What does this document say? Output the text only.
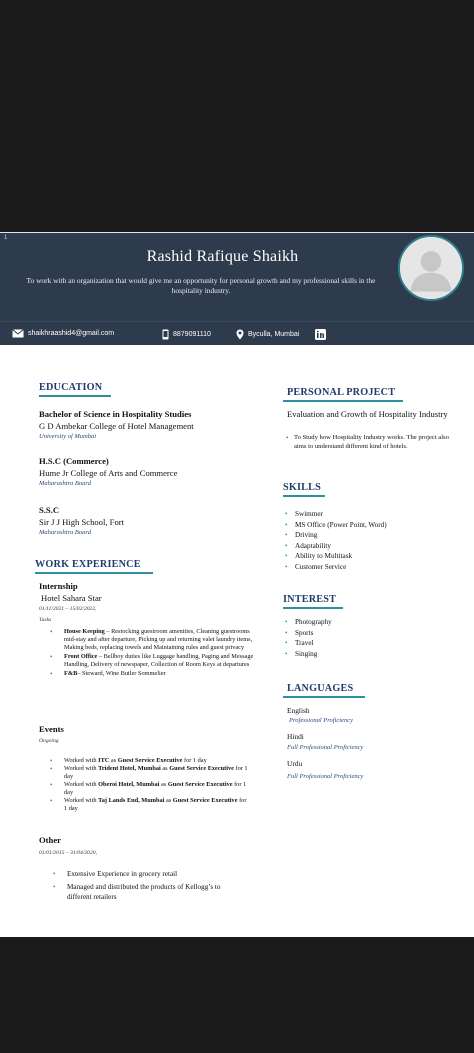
1
Rashid Rafique Shaikh
To work with an organization that would give me an opportunity for personal growth and my professional skills in the hospitality industry.
shaikhraashid4@gmail.com	8879091110	Byculla, Mumbai
EDUCATION
Bachelor of Science in Hospitality Studies
G D Ambekar College of Hotel Management
University of Mumbai
H.S.C (Commerce)
Hume Jr College of Arts and Commerce
Maharashtra Board
S.S.C
Sir J J High School, Fort
Maharashtra Board
WORK EXPERIENCE
Internship
Hotel Sahara Star
01/11/2021 – 15/02/2022,
Tasks
• House Keeping – Restocking guestroom amenities, Cleaning guestrooms mid-stay and after departure, Picking up and returning valet laundry items, Making beds, replacing towels and Maintaining rules and guest privacy
• Front Office – Bellboy duties like Luggage handling, Paging and Message Handling, Delivery of newspaper, Collection of Room Keys at departures
• F&B– Steward, Wine Butler Sommelier
Events
Ongoing
• Worked with ITC as Guest Service Executive for 1 day
• Worked with Trident Hotel, Mumbai as Guest Service Executive for 1 day
• Worked with Oberoi Hotel, Mumbai as Guest Service Executive for 1 day
• Worked with Taj Lands End, Mumbai as Guest Service Executive for 1 day
Other
01/01/2015 – 31/04/2020,
• Extensive Experience in grocery retail
• Managed and distributed the products of Kellogg’s to different retailers
PERSONAL PROJECT
Evaluation and Growth of Hospitality Industry
• To Study how Hospitality Industry works. The project also aims to understand different kind of hotels.
SKILLS
• Swimmer
• MS Office (Power Point, Word)
• Driving
• Adaptability
• Ability to Multitask
• Customer Service
INTEREST
• Photography
• Sports
• Travel
• Singing
LANGUAGES
English
Professional Proficiency
Hindi
Full Professional Proficiency
Urdu
Full Professional Proficiency
